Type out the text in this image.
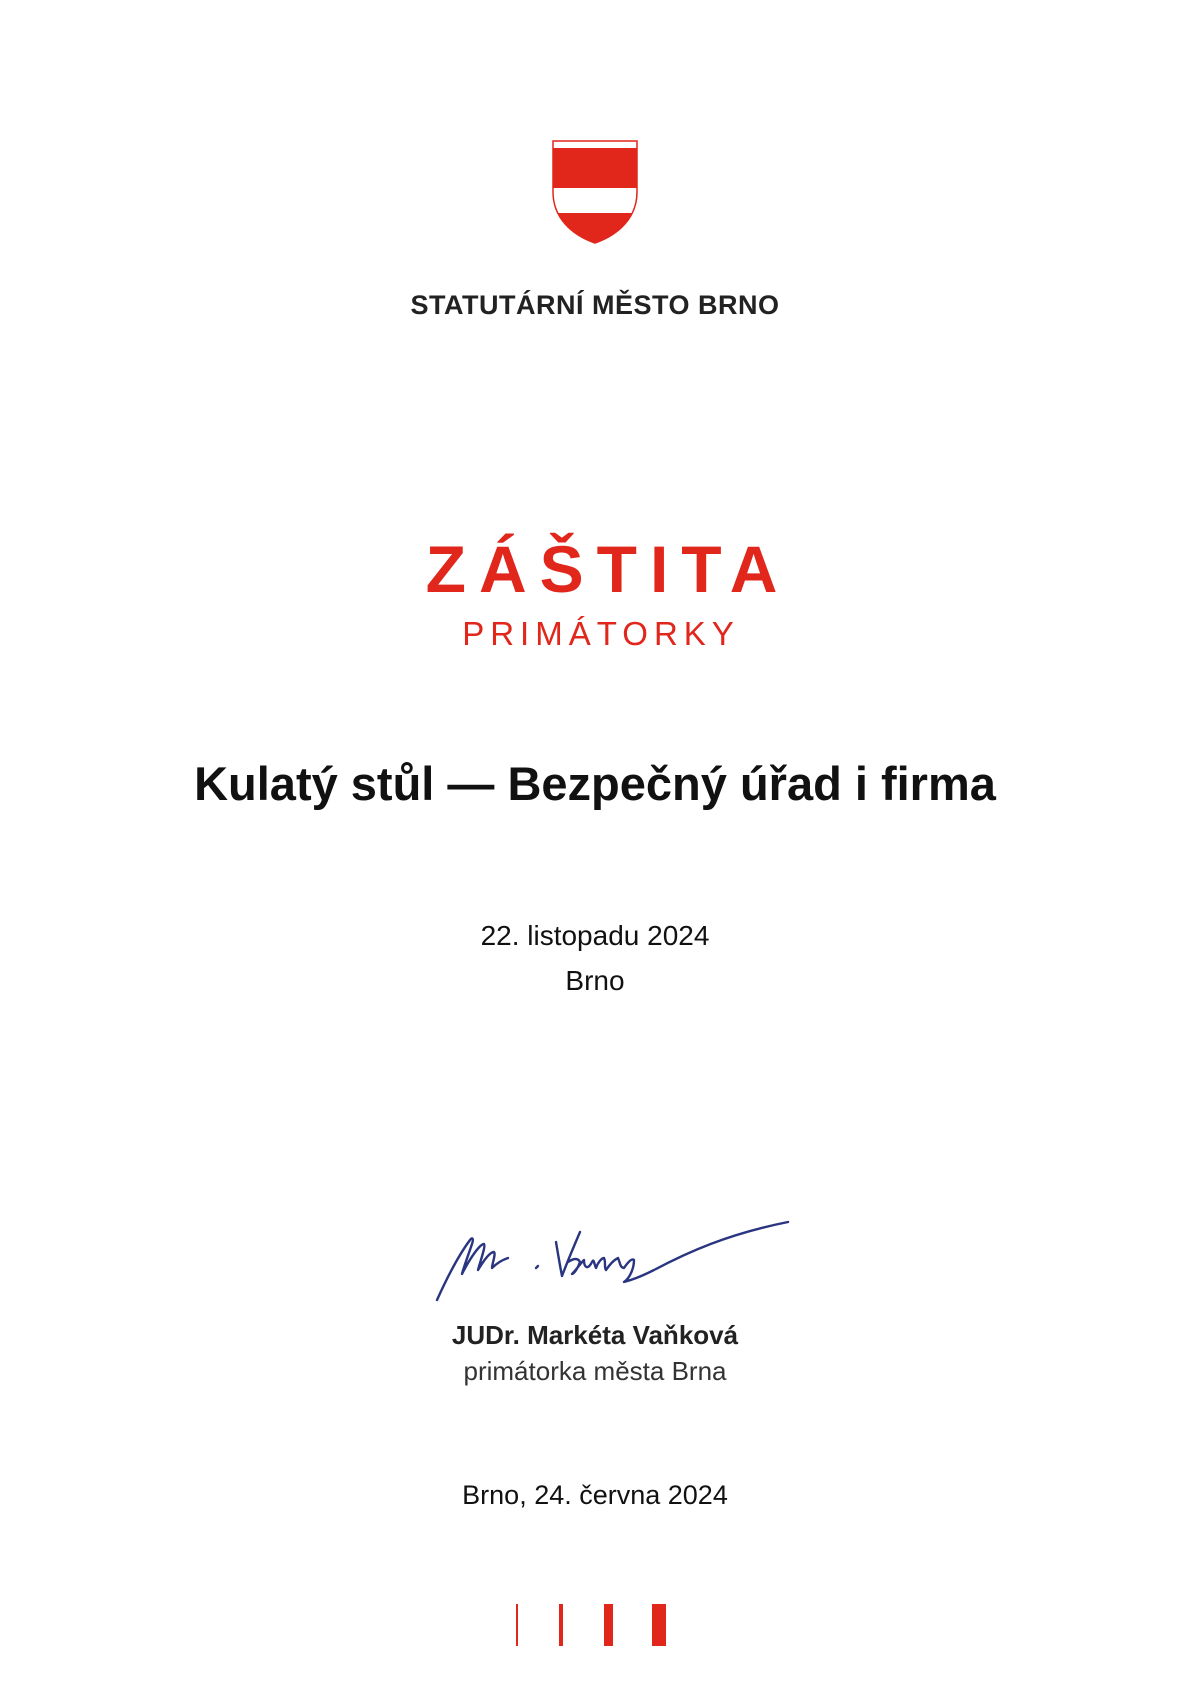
STATUTÁRNÍ MĚSTO BRNO
ZÁŠTITA
PRIMÁTORKY
Kulatý stůl — Bezpečný úřad i firma
22. listopadu 2024
Brno
JUDr. Markéta Vaňková
primátorka města Brna
Brno, 24. června 2024
